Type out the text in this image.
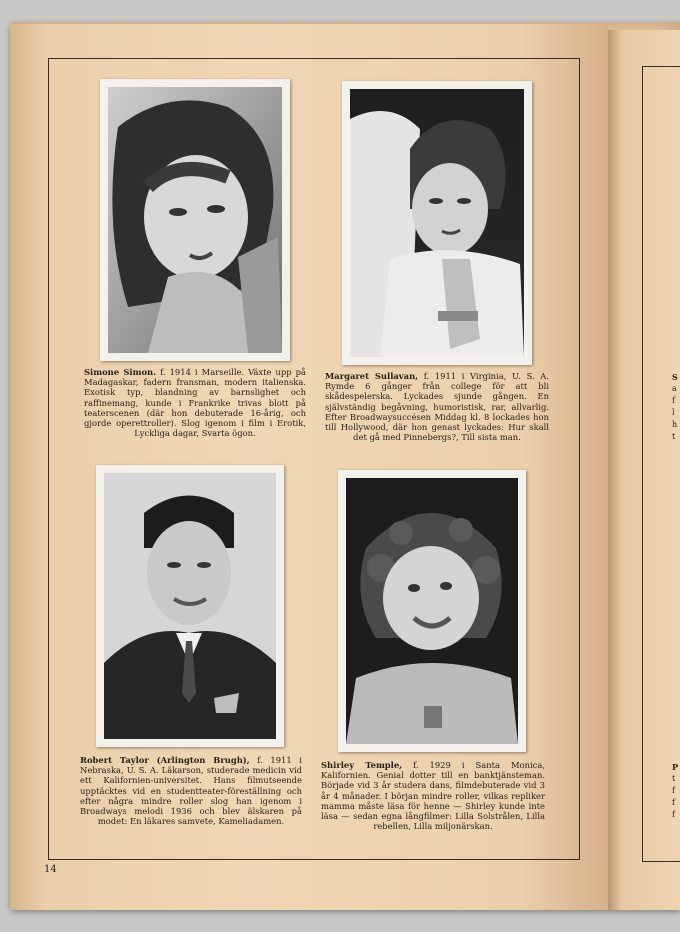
Simone Simon. f. 1914 i Marseille. Växte upp på Madagaskar, fadern fransman, modern italienska. Exotisk typ, blandning av barnslighet och raffinemang, kunde i Frankrike trivas blott på teaterscenen (där hon debuterade 16-årig, och gjorde operettroller). Slog igenom i film i Erotik, Lyckliga dagar, Svarta ögon.
Margaret Sullavan, f. 1911 i Virginia, U. S. A. Rymde 6 gånger från college för att bli skådespelerska. Lyckades sjunde gången. En självständig begåvning, humoristisk, rar, allvarlig. Efter Broadwaysuccésen Middag kl. 8 lockades hon till Hollywood, där hon genast lyckades: Hur skall det gå med Pinnebergs?, Till sista man.
Robert Taylor (Arlington Brugh), f. 1911 i Nebraska, U. S. A. Läkarson, studerade medicin vid ett Kalifornien-universitet. Hans filmutseende upptäcktes vid en studentteater-föreställning och efter några mindre roller slog han igenom i Broadways melodi 1936 och blev älskaren på modet: En läkares samvete, Kameliadamen.
Shirley Temple, f. 1929 i Santa Monica, Kalifornien. Genial dotter till en banktjänsteman. Började vid 3 år studera dans, filmdebuterade vid 3 år 4 månader. I början mindre roller, vilkas repliker mamma måste läsa för henne — Shirley kunde inte läsa — sedan egna långfilmer: Lilla Solstrålen, Lilla rebellen, Lilla miljonärskan.
14
S
a
f
l
h
t
P
t
f
f
f
